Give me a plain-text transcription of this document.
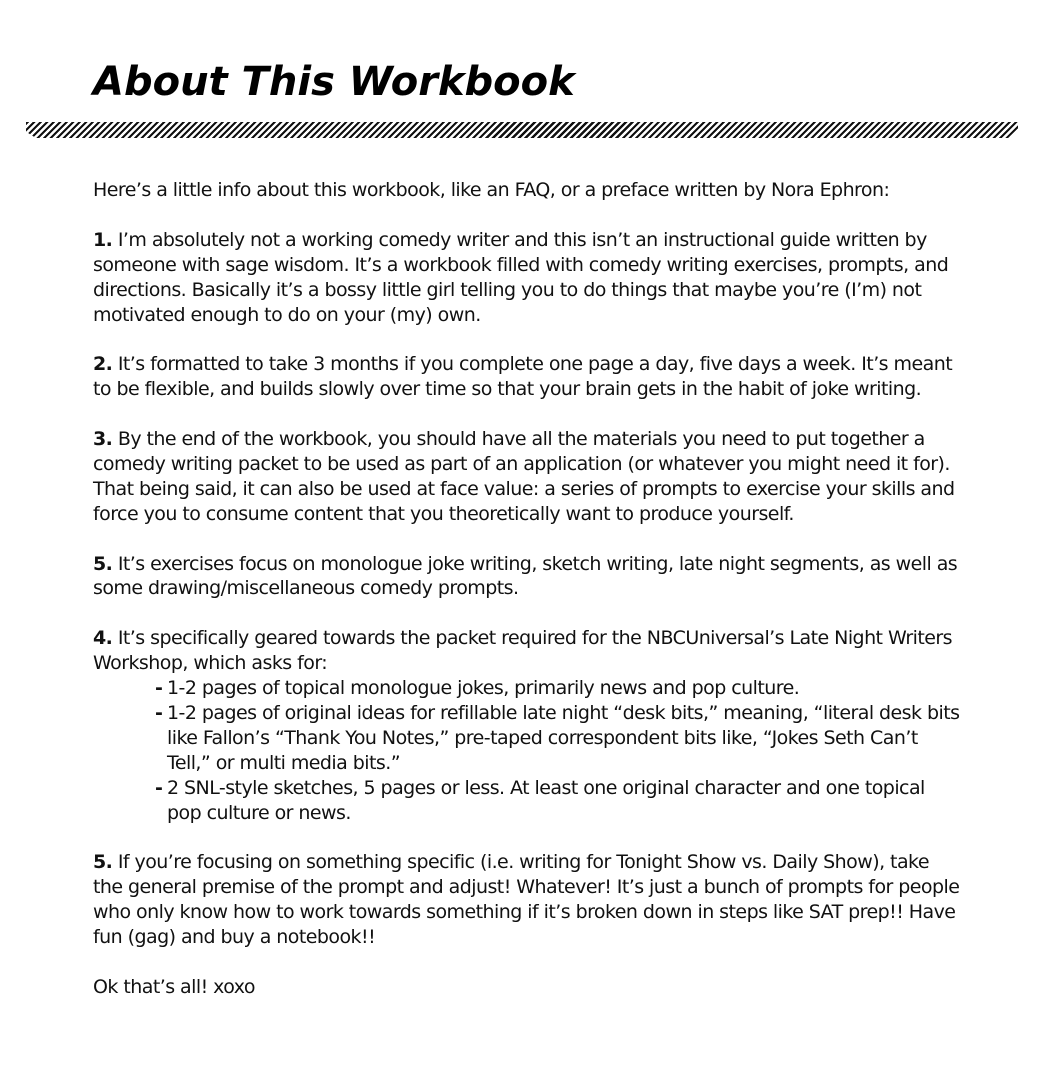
About This Workbook

Here’s a little info about this workbook, like an FAQ, or a preface written by Nora Ephron:

1. I’m absolutely not a working comedy writer and this isn’t an instructional guide written by someone with sage wisdom. It’s a workbook filled with comedy writing exercises, prompts, and directions. Basically it’s a bossy little girl telling you to do things that maybe you’re (I’m) not motivated enough to do on your (my) own.

2. It’s formatted to take 3 months if you complete one page a day, five days a week. It’s meant to be flexible, and builds slowly over time so that your brain gets in the habit of joke writing.

3. By the end of the workbook, you should have all the materials you need to put together a comedy writing packet to be used as part of an application (or whatever you might need it for). That being said, it can also be used at face value: a series of prompts to exercise your skills and force you to consume content that you theoretically want to produce yourself.

5. It’s exercises focus on monologue joke writing, sketch writing, late night segments, as well as some drawing/miscellaneous comedy prompts.

4. It’s specifically geared towards the packet required for the NBCUniversal’s Late Night Writers Workshop, which asks for:
- 1-2 pages of topical monologue jokes, primarily news and pop culture.
- 1-2 pages of original ideas for refillable late night “desk bits,” meaning, “literal desk bits like Fallon’s “Thank You Notes,” pre-taped correspondent bits like, “Jokes Seth Can’t Tell,” or multi media bits.”
- 2 SNL-style sketches, 5 pages or less. At least one original character and one topical pop culture or news.

5. If you’re focusing on something specific (i.e. writing for Tonight Show vs. Daily Show), take the general premise of the prompt and adjust! Whatever! It’s just a bunch of prompts for people who only know how to work towards something if it’s broken down in steps like SAT prep!! Have fun (gag) and buy a notebook!!

Ok that’s all! xoxo
